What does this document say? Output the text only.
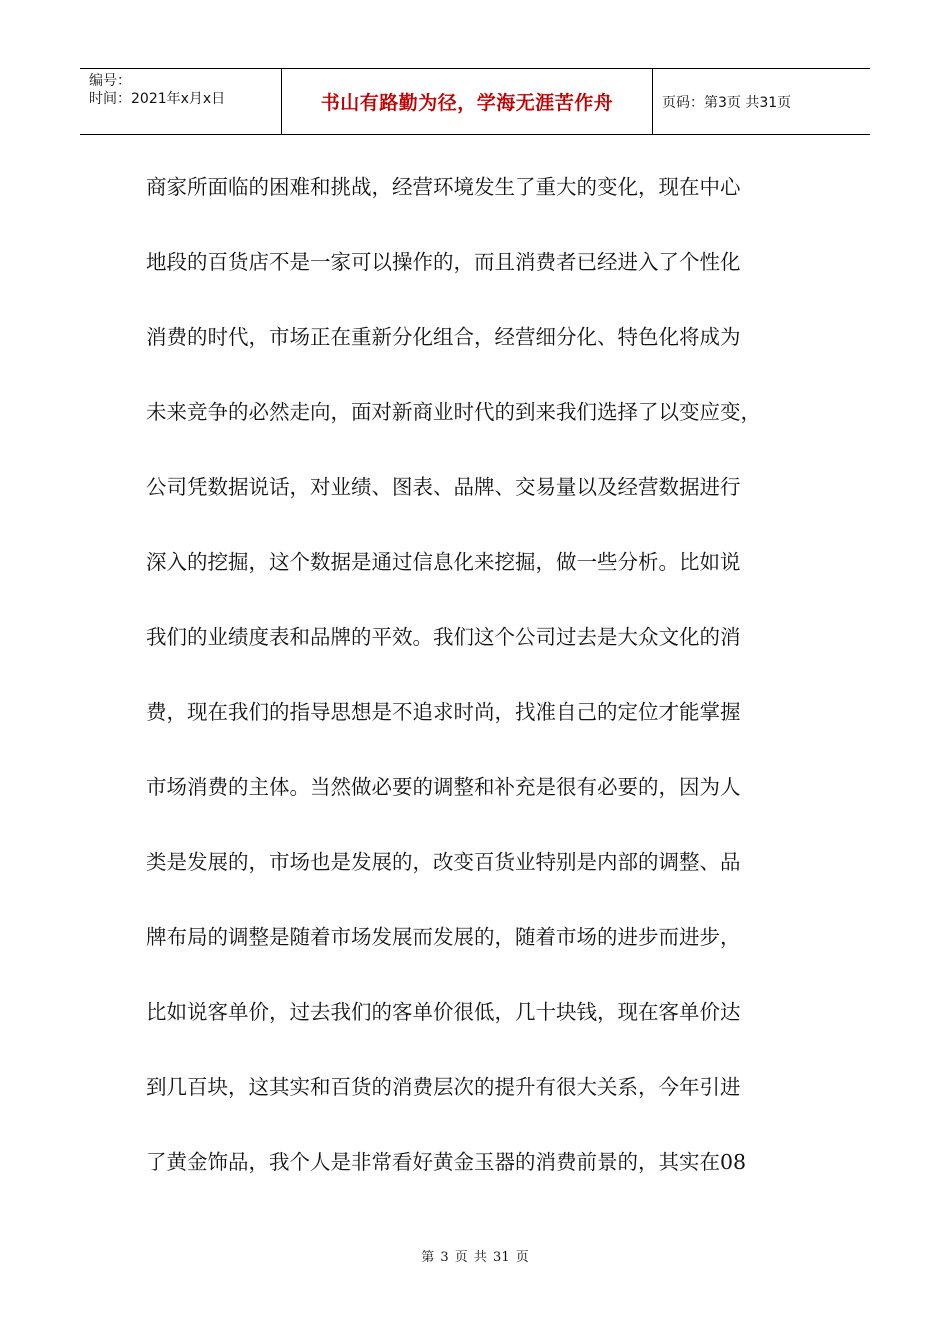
编号：
时间：2021年x月x日	书山有路勤为径，学海无涯苦作舟	页码：第3页 共31页
商家所面临的困难和挑战，经营环境发生了重大的变化，现在中心
地段的百货店不是一家可以操作的，而且消费者已经进入了个性化
消费的时代，市场正在重新分化组合，经营细分化、特色化将成为
未来竞争的必然走向，面对新商业时代的到来我们选择了以变应变，
公司凭数据说话，对业绩、图表、品牌、交易量以及经营数据进行
深入的挖掘，这个数据是通过信息化来挖掘，做一些分析。比如说
我们的业绩度表和品牌的平效。我们这个公司过去是大众文化的消
费，现在我们的指导思想是不追求时尚，找准自己的定位才能掌握
市场消费的主体。当然做必要的调整和补充是很有必要的，因为人
类是发展的，市场也是发展的，改变百货业特别是内部的调整、品
牌布局的调整是随着市场发展而发展的，随着市场的进步而进步，
比如说客单价，过去我们的客单价很低，几十块钱，现在客单价达
到几百块，这其实和百货的消费层次的提升有很大关系，今年引进
了黄金饰品，我个人是非常看好黄金玉器的消费前景的，其实在08
第 3 页 共 31 页
